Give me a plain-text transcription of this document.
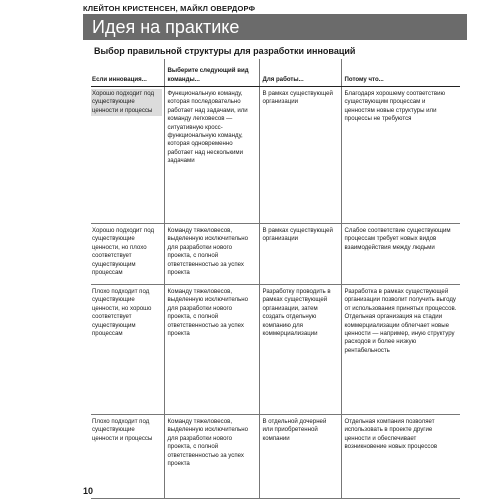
КЛЕЙТОН КРИСТЕНСЕН, МАЙКЛ ОВЕРДОРФ
Идея на практике
Выбор правильной структуры для разработки инноваций
Если инновация...	Выберите следующий вид команды...	Для работы...	Потому что...

Хорошо подходит под существующие ценности и процессы	Функциональную команду, которая последовательно работает над задачами, или команду легковесов — ситуативную кросс-функциональную команду, которая одновременно работает над несколькими задачами	В рамках существующей организации	Благодаря хорошему соответствию существующим процессам и ценностям новые структуры или процессы не требуются
Хорошо подходит под существующие ценности, но плохо соответствует существующим процессам	Команду тяжеловесов, выделенную исключительно для разработки нового проекта, с полной ответственностью за успех проекта	В рамках существующей организации	Слабое соответствие существующим процессам требует новых видов взаимодействия между людьми
Плохо подходит под существующие ценности, но хорошо соответствует существующим процессам	Команду тяжеловесов, выделенную исключительно для разработки нового проекта, с полной ответственностью за успех проекта	Разработку проводить в рамках существующей организации, затем создать отдельную компанию для коммерциализации	Разработка в рамках существующей организации позволит получить выгоду от использования принятых процессов. Отдельная организация на стадии коммерциализации облегчает новые ценности — например, иную структуру расходов и более низкую рентабельность
Плохо подходит под существующие ценности и процессы	Команду тяжеловесов, выделенную исключительно для разработки нового проекта, с полной ответственностью за успех проекта	В отдельной дочерней или приобретенной компании	Отдельная компания позволяет использовать в проекте другие ценности и обеспечивает возникновение новых процессов
10
